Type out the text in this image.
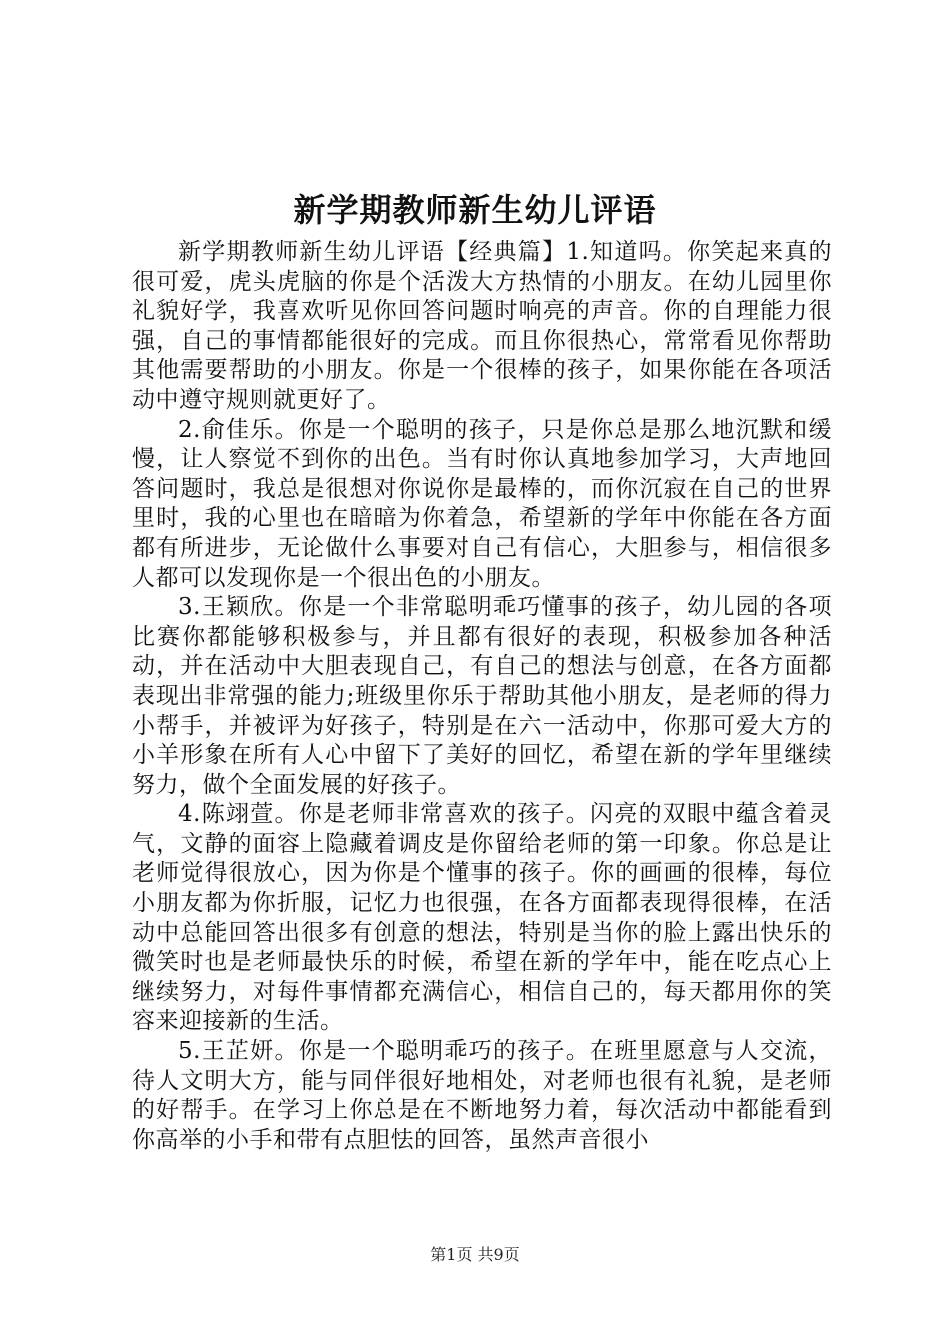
新学期教师新生幼儿评语

新学期教师新生幼儿评语【经典篇】1.知道吗。你笑起来真的很可爱，虎头虎脑的你是个活泼大方热情的小朋友。在幼儿园里你礼貌好学，我喜欢听见你回答问题时响亮的声音。你的自理能力很强，自己的事情都能很好的完成。而且你很热心，常常看见你帮助其他需要帮助的小朋友。你是一个很棒的孩子，如果你能在各项活动中遵守规则就更好了。

2.俞佳乐。你是一个聪明的孩子，只是你总是那么地沉默和缓慢，让人察觉不到你的出色。当有时你认真地参加学习，大声地回答问题时，我总是很想对你说你是最棒的，而你沉寂在自己的世界里时，我的心里也在暗暗为你着急，希望新的学年中你能在各方面都有所进步，无论做什么事要对自己有信心，大胆参与，相信很多人都可以发现你是一个很出色的小朋友。

3.王颖欣。你是一个非常聪明乖巧懂事的孩子，幼儿园的各项比赛你都能够积极参与，并且都有很好的表现，积极参加各种活动，并在活动中大胆表现自己，有自己的想法与创意，在各方面都表现出非常强的能力;班级里你乐于帮助其他小朋友，是老师的得力小帮手，并被评为好孩子，特别是在六一活动中，你那可爱大方的小羊形象在所有人心中留下了美好的回忆，希望在新的学年里继续努力，做个全面发展的好孩子。

4.陈翊萱。你是老师非常喜欢的孩子。闪亮的双眼中蕴含着灵气，文静的面容上隐藏着调皮是你留给老师的第一印象。你总是让老师觉得很放心，因为你是个懂事的孩子。你的画画的很棒，每位小朋友都为你折服，记忆力也很强，在各方面都表现得很棒，在活动中总能回答出很多有创意的想法，特别是当你的脸上露出快乐的微笑时也是老师最快乐的时候，希望在新的学年中，能在吃点心上继续努力，对每件事情都充满信心，相信自己的，每天都用你的笑容来迎接新的生活。

5.王芷妍。你是一个聪明乖巧的孩子。在班里愿意与人交流，待人文明大方，能与同伴很好地相处，对老师也很有礼貌，是老师的好帮手。在学习上你总是在不断地努力着，每次活动中都能看到你高举的小手和带有点胆怯的回答，虽然声音很小

第1页 共9页
